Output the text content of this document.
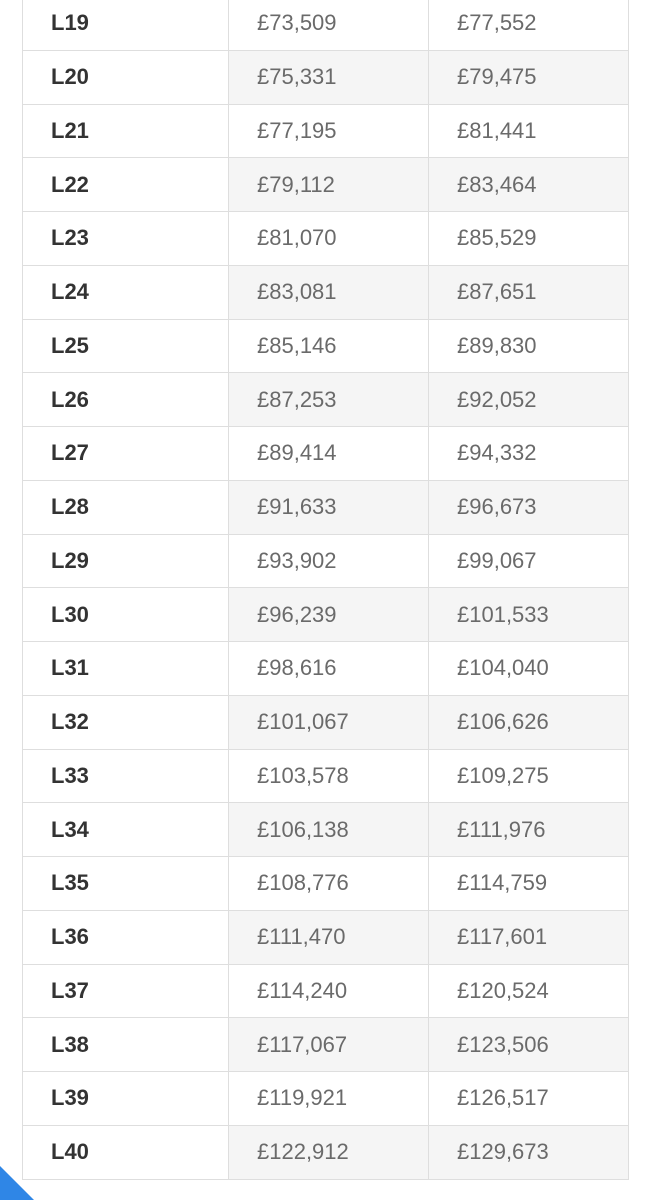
L19	£73,509	£77,552
L20	£75,331	£79,475
L21	£77,195	£81,441
L22	£79,112	£83,464
L23	£81,070	£85,529
L24	£83,081	£87,651
L25	£85,146	£89,830
L26	£87,253	£92,052
L27	£89,414	£94,332
L28	£91,633	£96,673
L29	£93,902	£99,067
L30	£96,239	£101,533
L31	£98,616	£104,040
L32	£101,067	£106,626
L33	£103,578	£109,275
L34	£106,138	£111,976
L35	£108,776	£114,759
L36	£111,470	£117,601
L37	£114,240	£120,524
L38	£117,067	£123,506
L39	£119,921	£126,517
L40	£122,912	£129,673
